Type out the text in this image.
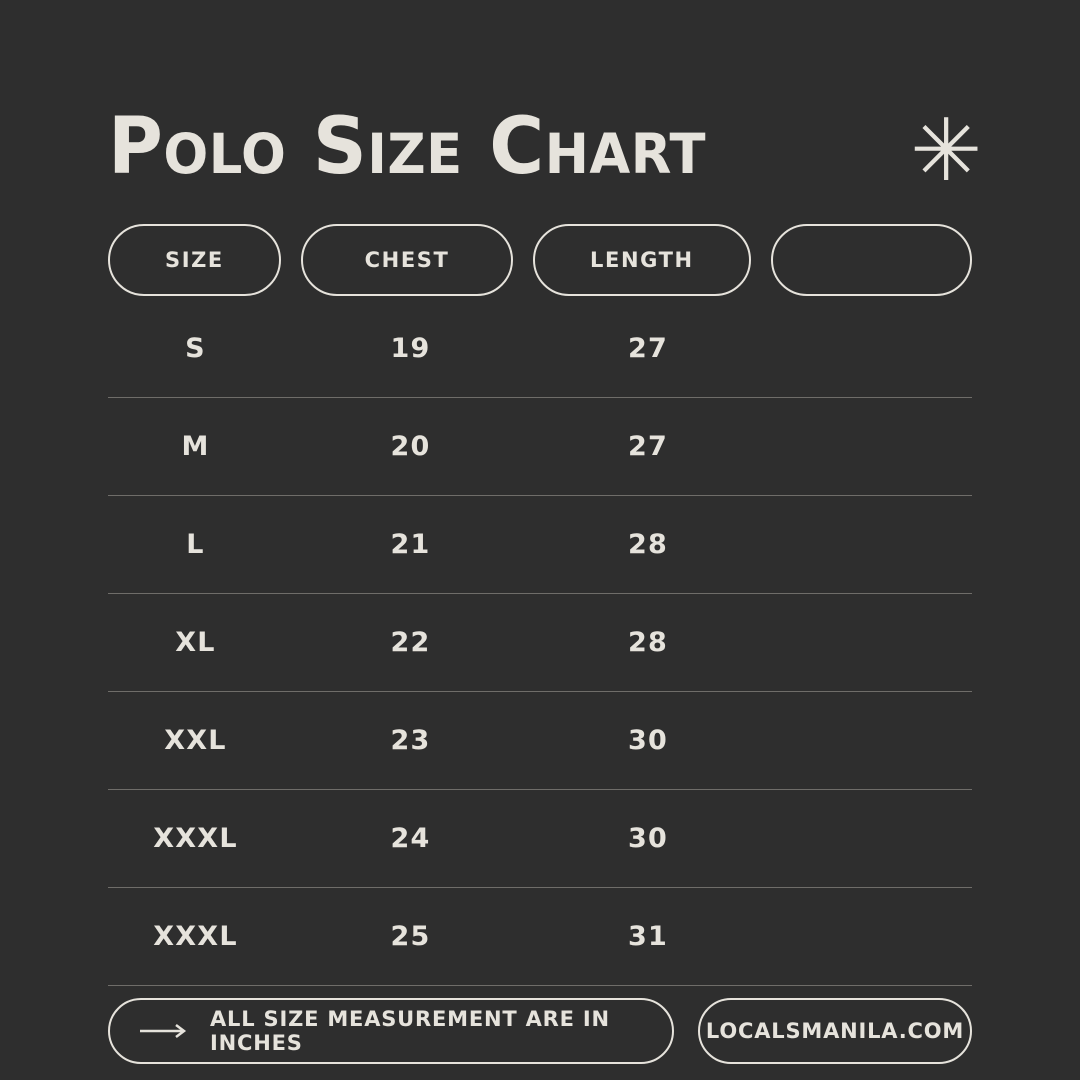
Polo Size Chart ✳
SIZE	CHEST	LENGTH
S	19	27
M	20	27
L	21	28
XL	22	28
XXL	23	30
XXXL	24	30
XXXL	25	31
ALL SIZE MEASUREMENT ARE IN INCHES	LOCALSMANILA.COM
